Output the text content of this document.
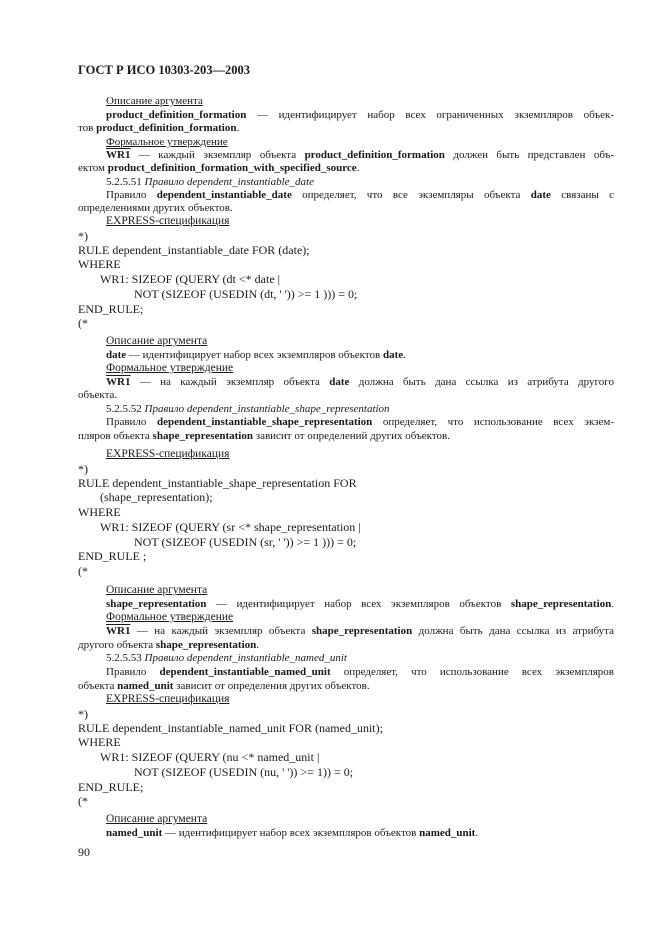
ГОСТ Р ИСО 10303-203—2003
Описание аргумента
product_definition_formation — идентифицирует набор всех ограниченных экземпляров объек-
тов product_definition_formation.
Формальное утверждение
WR1 — каждый экземпляр объекта product_definition_formation должен быть представлен объ-
ектом product_definition_formation_with_specified_source.
5.2.5.51 Правило dependent_instantiable_date
Правило dependent_instantiable_date определяет, что все экземпляры объекта date связаны с
определениями других объектов.
EXPRESS-спецификация
*)
RULE dependent_instantiable_date FOR (date);
WHERE
WR1: SIZEOF (QUERY (dt <* date |
NOT (SIZEOF (USEDIN (dt, ' ')) >= 1 ))) = 0;
END_RULE;
(*
Описание аргумента
date — идентифицирует набор всех экземпляров объектов date.
Формальное утверждение
WR1 — на каждый экземпляр объекта date должна быть дана ссылка из атрибута другого
объекта.
5.2.5.52 Правило dependent_instantiable_shape_representation
Правило dependent_instantiable_shape_representation определяет, что использование всех экзем-
пляров объекта shape_representation зависит от определений других объектов.
EXPRESS-спецификация
*)
RULE dependent_instantiable_shape_representation FOR
(shape_representation);
WHERE
WR1: SIZEOF (QUERY (sr <* shape_representation |
NOT (SIZEOF (USEDIN (sr, ' ')) >= 1 ))) = 0;
END_RULE ;
(*
Описание аргумента
shape_representation — идентифицирует набор всех экземпляров объектов shape_representation.
Формальное утверждение
WR1 — на каждый экземпляр объекта shape_representation должна быть дана ссылка из атрибута
другого объекта shape_representation.
5.2.5.53 Правило dependent_instantiable_named_unit
Правило dependent_instantiable_named_unit определяет, что использование всех экземпляров
объекта named_unit зависит от определения других объектов.
EXPRESS-спецификация
*)
RULE dependent_instantiable_named_unit FOR (named_unit);
WHERE
WR1: SIZEOF (QUERY (nu <* named_unit |
NOT (SIZEOF (USEDIN (nu, ' ')) >= 1)) = 0;
END_RULE;
(*
Описание аргумента
named_unit — идентифицирует набор всех экземпляров объектов named_unit.
90
